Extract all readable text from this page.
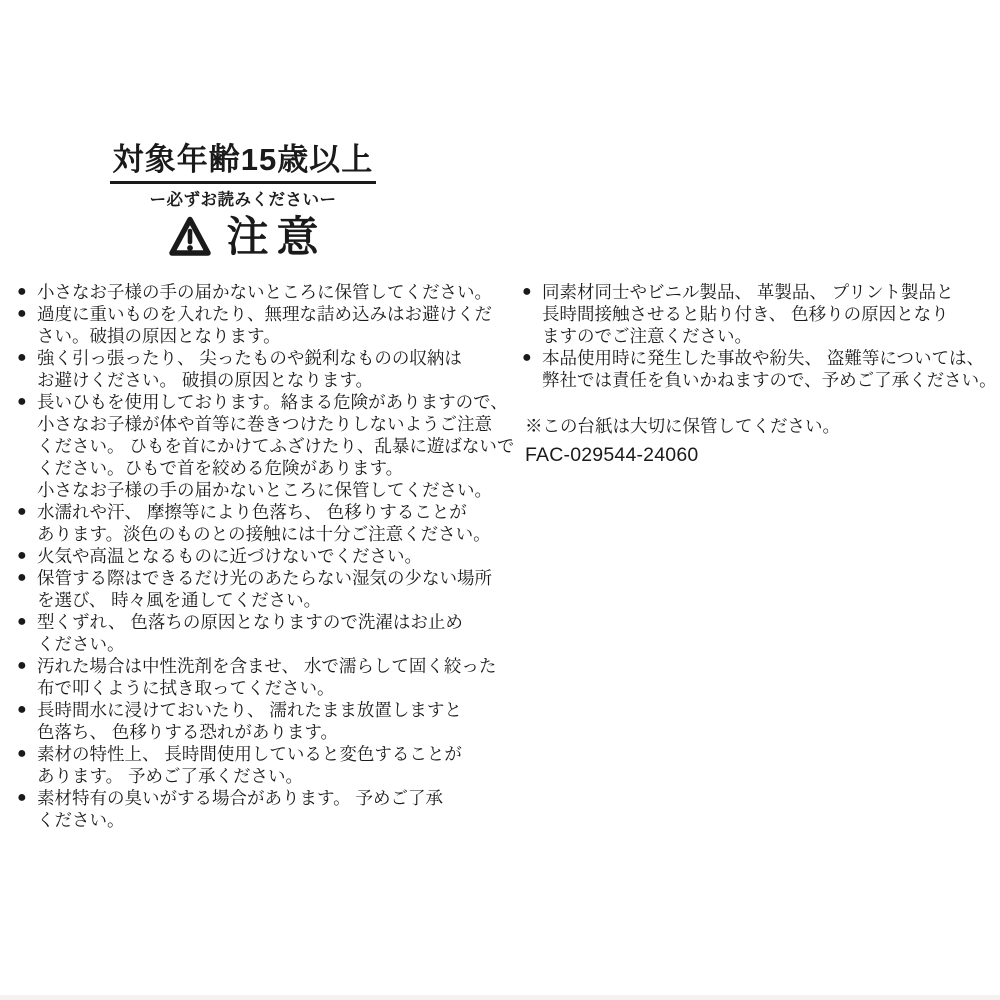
対象年齢15歳以上
ー必ずお読みくださいー
注意
● 小さなお子様の手の届かないところに保管してください。
● 過度に重いものを入れたり、無理な詰め込みはお避けくだ
さい。破損の原因となります。
● 強く引っ張ったり、 尖ったものや鋭利なものの収納は
お避けください。 破損の原因となります。
● 長いひもを使用しております。絡まる危険がありますので、
小さなお子様が体や首等に巻きつけたりしないようご注意
ください。 ひもを首にかけてふざけたり、乱暴に遊ばないで
ください。ひもで首を絞める危険があります。
小さなお子様の手の届かないところに保管してください。
● 水濡れや汗、 摩擦等により色落ち、 色移りすることが
あります。淡色のものとの接触には十分ご注意ください。
● 火気や高温となるものに近づけないでください。
● 保管する際はできるだけ光のあたらない湿気の少ない場所
を選び、 時々風を通してください。
● 型くずれ、 色落ちの原因となりますので洗濯はお止め
ください。
● 汚れた場合は中性洗剤を含ませ、 水で濡らして固く絞った
布で叩くように拭き取ってください。
● 長時間水に浸けておいたり、 濡れたまま放置しますと
色落ち、 色移りする恐れがあります。
● 素材の特性上、 長時間使用していると変色することが
あります。 予めご了承ください。
● 素材特有の臭いがする場合があります。 予めご了承
ください。
● 同素材同士やビニル製品、 革製品、 プリント製品と
長時間接触させると貼り付き、 色移りの原因となり
ますのでご注意ください。
● 本品使用時に発生した事故や紛失、 盗難等については、
弊社では責任を負いかねますので、予めご了承ください。
※この台紙は大切に保管してください。
FAC-029544-24060
